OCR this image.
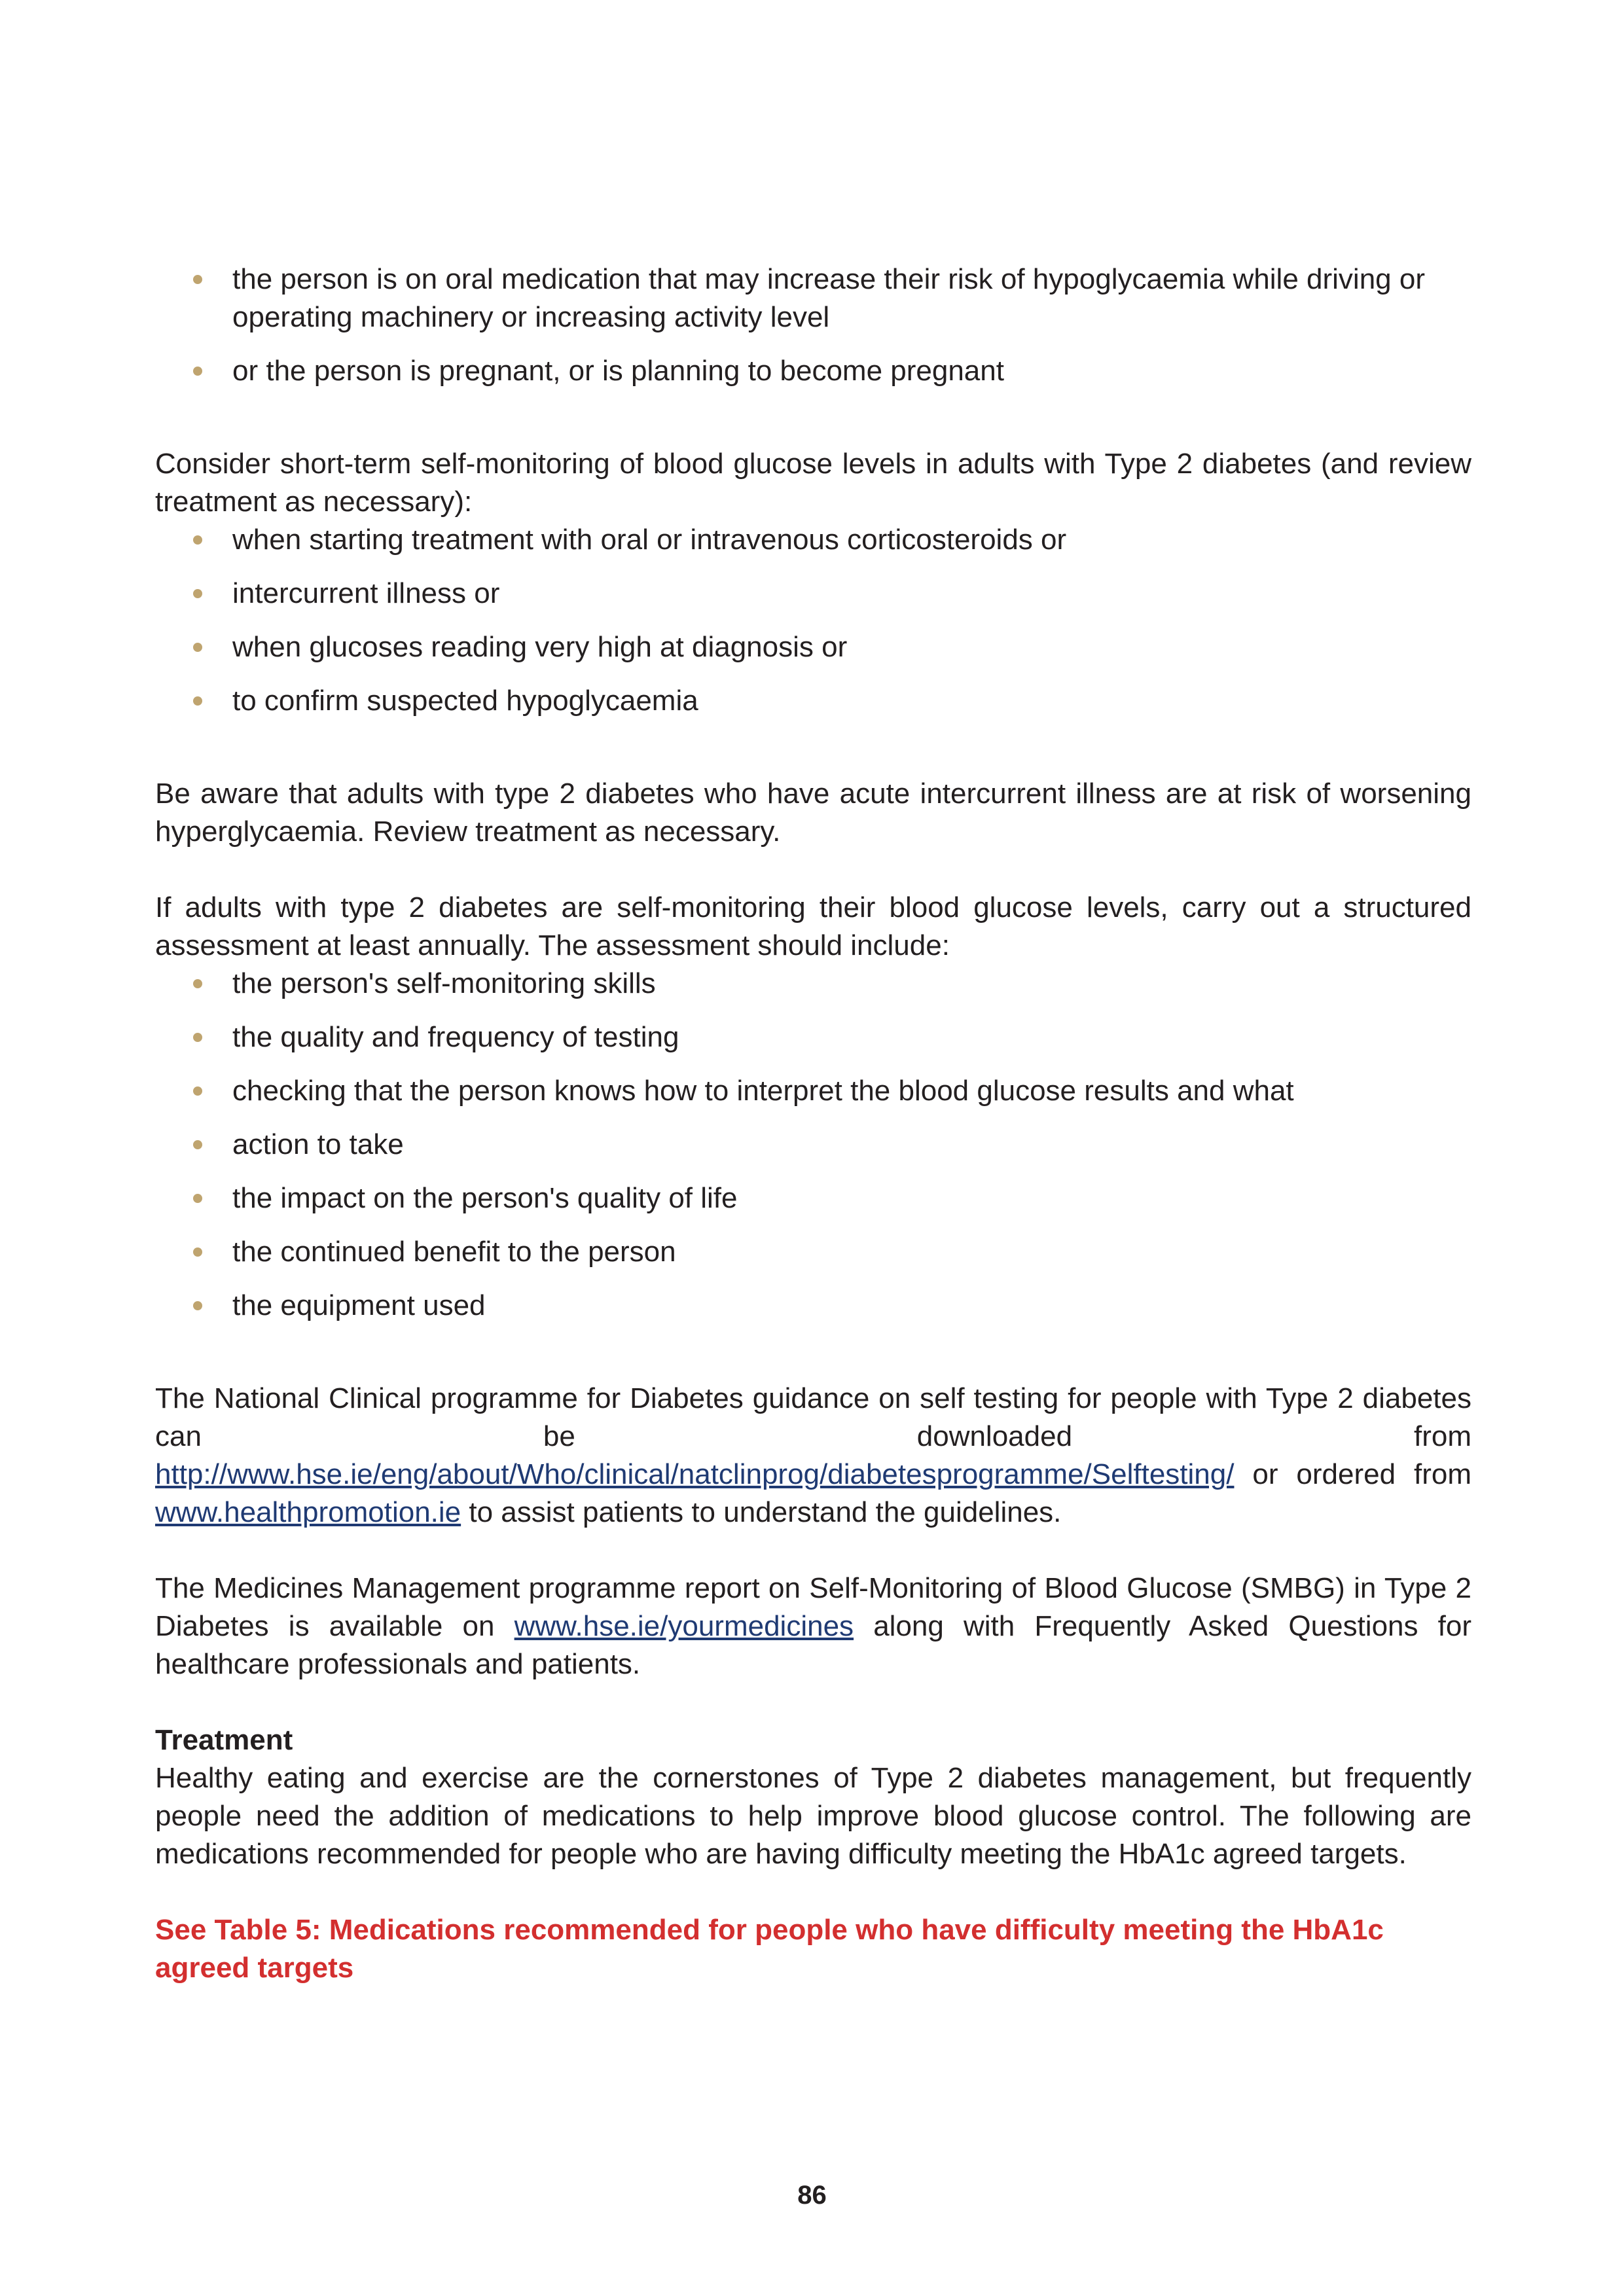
the person is on oral medication that may increase their risk of hypoglycaemia while driving or operating machinery or increasing activity level
or the person is pregnant, or is planning to become pregnant

Consider short-term self-monitoring of blood glucose levels in adults with Type 2 diabetes (and review treatment as necessary):

when starting treatment with oral or intravenous corticosteroids or
intercurrent illness or
when glucoses reading very high at diagnosis or
to confirm suspected hypoglycaemia

Be aware that adults with type 2 diabetes who have acute intercurrent illness are at risk of worsening hyperglycaemia. Review treatment as necessary.

If adults with type 2 diabetes are self-monitoring their blood glucose levels, carry out a structured assessment at least annually. The assessment should include:

the person's self-monitoring skills
the quality and frequency of testing
checking that the person knows how to interpret the blood glucose results and what
action to take
the impact on the person's quality of life
the continued benefit to the person
the equipment used

The National Clinical programme for Diabetes guidance on self testing for people with Type 2 diabetes can be downloaded from http://www.hse.ie/eng/about/Who/clinical/natclinprog/diabetesprogramme/Selftesting/ or ordered from www.healthpromotion.ie to assist patients to understand the guidelines.

The Medicines Management programme report on Self-Monitoring of Blood Glucose (SMBG) in Type 2 Diabetes is available on www.hse.ie/yourmedicines along with Frequently Asked Questions for healthcare professionals and patients.

Treatment

Healthy eating and exercise are the cornerstones of Type 2 diabetes management, but frequently people need the addition of medications to help improve blood glucose control. The following are medications recommended for people who are having difficulty meeting the HbA1c agreed targets.

See Table 5: Medications recommended for people who have difficulty meeting the HbA1c agreed targets

86
